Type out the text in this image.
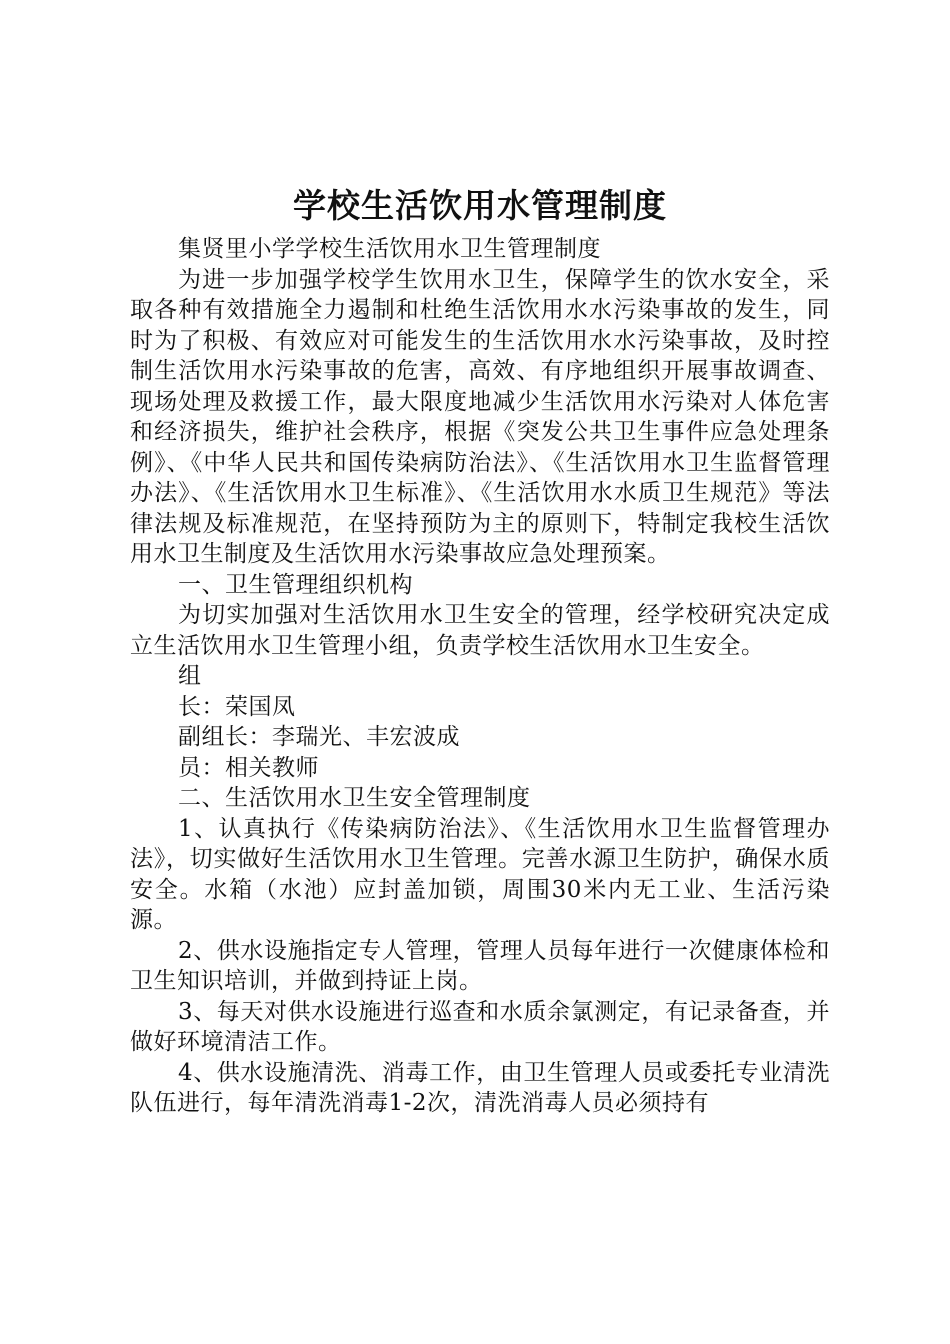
学校生活饮用水管理制度

集贤里小学学校生活饮用水卫生管理制度

为进一步加强学校学生饮用水卫生，保障学生的饮水安全，采取各种有效措施全力遏制和杜绝生活饮用水水污染事故的发生，同时为了积极、有效应对可能发生的生活饮用水水污染事故，及时控制生活饮用水污染事故的危害，高效、有序地组织开展事故调查、现场处理及救援工作，最大限度地减少生活饮用水污染对人体危害和经济损失，维护社会秩序，根据《突发公共卫生事件应急处理条例》、《中华人民共和国传染病防治法》、《生活饮用水卫生监督管理办法》、《生活饮用水卫生标准》、《生活饮用水水质卫生规范》等法律法规及标准规范，在坚持预防为主的原则下，特制定我校生活饮用水卫生制度及生活饮用水污染事故应急处理预案。

一、卫生管理组织机构

为切实加强对生活饮用水卫生安全的管理，经学校研究决定成立生活饮用水卫生管理小组，负责学校生活饮用水卫生安全。

组

长：荣国凤

副组长：李瑞光、丰宏波成

员：相关教师

二、生活饮用水卫生安全管理制度

1、认真执行《传染病防治法》、《生活饮用水卫生监督管理办法》，切实做好生活饮用水卫生管理。完善水源卫生防护，确保水质安全。水箱（水池）应封盖加锁，周围30米内无工业、生活污染源。

2、供水设施指定专人管理，管理人员每年进行一次健康体检和卫生知识培训，并做到持证上岗。

3、每天对供水设施进行巡查和水质余氯测定，有记录备查，并做好环境清洁工作。

4、供水设施清洗、消毒工作，由卫生管理人员或委托专业清洗队伍进行，每年清洗消毒1-2次，清洗消毒人员必须持有
